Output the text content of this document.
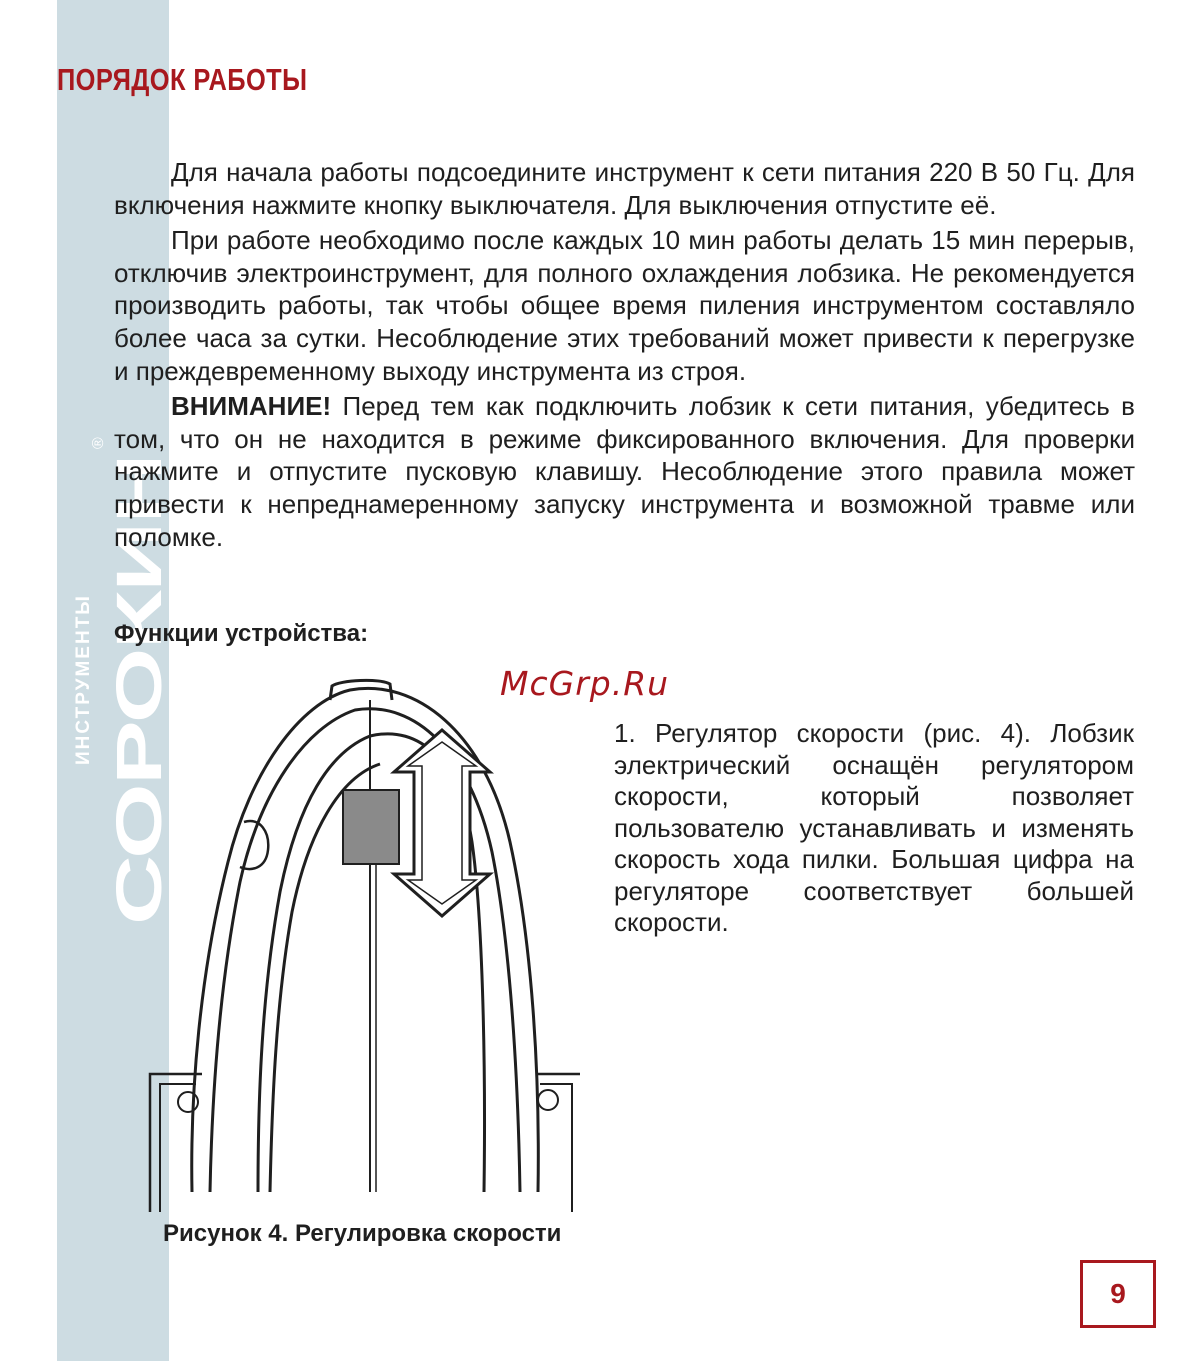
СОРОКИН
ИНСТРУМЕНТЫ
®
ПОРЯДОК РАБОТЫ

Для начала работы подсоедините инструмент к сети питания 220 В 50 Гц. Для включения нажмите кнопку выключателя. Для выключения отпустите её.

При работе необходимо после каждых 10 мин работы делать 15 мин перерыв, отключив электроинструмент, для полного охлаждения лобзика. Не рекомендуется производить работы, так чтобы общее время пиления инструментом составляло более часа за сутки. Несоблюдение этих требований может привести к перегрузке и преждевременному выходу инструмента из строя.

ВНИМАНИЕ! Перед тем как подключить лобзик к сети питания, убедитесь в том, что он не находится в режиме фиксированного включения. Для проверки нажмите и отпустите пусковую клавишу. Несоблюдение этого правила может привести к непреднамеренному запуску инструмента и возможной травме или поломке.

Функции устройства:
McGrp.Ru

1. Регулятор скорости (рис. 4). Лобзик электрический оснащён регулятором скорости, который позволяет пользователю устанавливать и изменять скорость хода пилки. Большая цифра на регуляторе соответствует большей скорости.

Рисунок 4. Регулировка скорости

9
